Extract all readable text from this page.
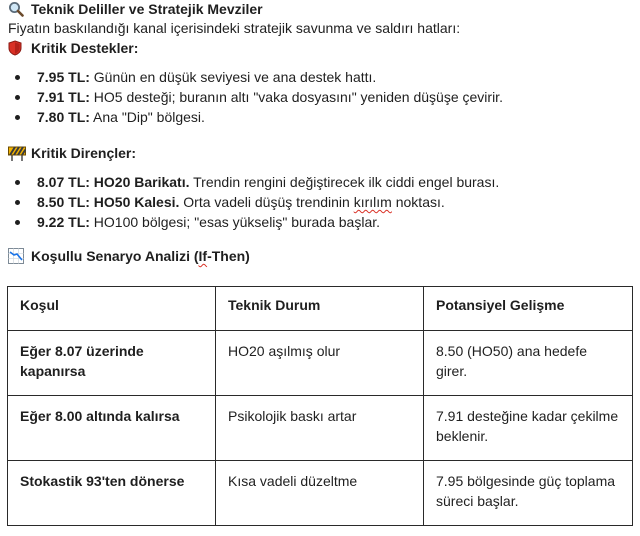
Teknik Deliller ve Stratejik Mevziler
Fiyatın baskılandığı kanal içerisindeki stratejik savunma ve saldırı hatları:
Kritik Destekler:
7.95 TL: Günün en düşük seviyesi ve ana destek hattı.
7.91 TL: HO5 desteği; buranın altı "vaka dosyasını" yeniden düşüşe çevirir.
7.80 TL: Ana "Dip" bölgesi.
Kritik Dirençler:
8.07 TL: HO20 Barikatı. Trendin rengini değiştirecek ilk ciddi engel burası.
8.50 TL: HO50 Kalesi. Orta vadeli düşüş trendinin kırılım noktası.
9.22 TL: HO100 bölgesi; "esas yükseliş" burada başlar.
Koşullu Senaryo Analizi ( If -Then)
Koşul	Teknik Durum	Potansiyel Gelişme
Eğer 8.07 üzerinde kapanırsa	HO20 aşılmış olur	8.50 (HO50) ana hedefe girer.
Eğer 8.00 altında kalırsa	Psikolojik baskı artar	7.91 desteğine kadar çekilme beklenir.
Stokastik 93'ten dönerse	Kısa vadeli düzeltme	7.95 bölgesinde güç toplama süreci başlar.
